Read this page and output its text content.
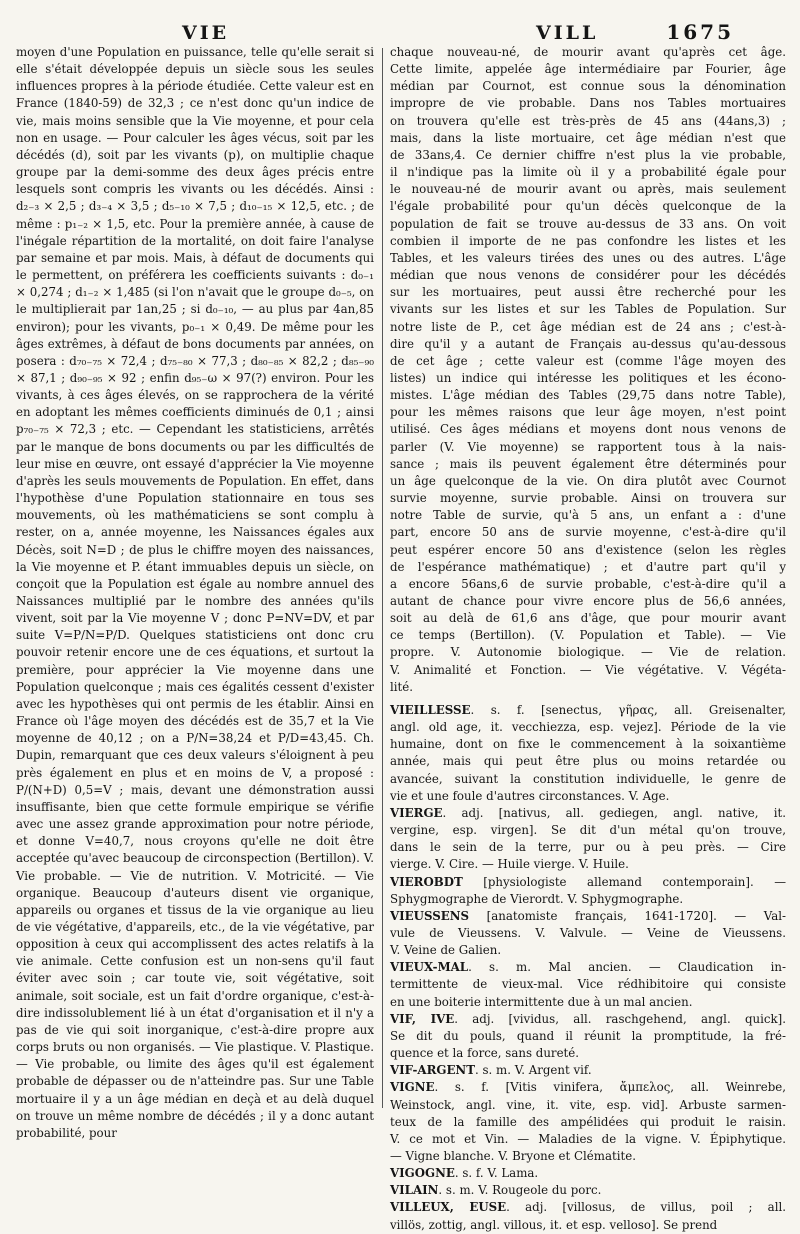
VIE	VILL	1675

moyen d'une Population en puissance, telle qu'elle serait si elle s'était développée depuis un siècle sous les seules influences propres à la période étudiée. Cette valeur est en France (1840-59) de 32,3 ; ce n'est donc qu'un indice de vie, mais moins sensible que la Vie moyenne, et pour cela non en usage. — Pour calculer les âges vécus, soit par les décédés (d), soit par les vivants (p), on multiplie chaque groupe par la demi-somme des deux âges précis entre lesquels sont compris les vivants ou les décédés. Ainsi : d₂₋₃ × 2,5 ; d₃₋₄ × 3,5 ; d₅₋₁₀ × 7,5 ; d₁₀₋₁₅ × 12,5, etc. ; de même : p₁₋₂ × 1,5, etc. Pour la première année, à cause de l'inégale répartition de la mortalité, on doit faire l'analyse par semaine et par mois. Mais, à défaut de documents qui le permettent, on préférera les coefficients suivants : d₀₋₁ × 0,274 ; d₁₋₂ × 1,485 (si l'on n'avait que le groupe d₀₋₅, on le multiplierait par 1an,25 ; si d₀₋₁₀, — au plus par 4an,85 environ); pour les vivants, p₀₋₁ × 0,49. De même pour les âges extrêmes, à défaut de bons documents par années, on posera : d₇₀₋₇₅ × 72,4 ; d₇₅₋₈₀ × 77,3 ; d₈₀₋₈₅ × 82,2 ; d₈₅₋₉₀ × 87,1 ; d₉₀₋₉₅ × 92 ; enfin d₉₅₋ω × 97(?) environ. Pour les vivants, à ces âges élevés, on se rapprochera de la vérité en adoptant les mêmes coefficients diminués de 0,1 ; ainsi p₇₀₋₇₅ × 72,3 ; etc. — Cependant les statisticiens, arrêtés par le manque de bons documents ou par les difficultés de leur mise en œuvre, ont essayé d'apprécier la Vie moyenne d'après les seuls mouvements de Population. En effet, dans l'hypothèse d'une Population stationnaire en tous ses mouvements, où les mathématiciens se sont complu à rester, on a, année moyenne, les Naissances égales aux Décès, soit N=D ; de plus le chiffre moyen des naissances, la Vie moyenne et P. étant immuables depuis un siècle, on conçoit que la Population est égale au nombre annuel des Naissances multiplié par le nombre des années qu'ils vivent, soit par la Vie moyenne V ; donc P=NV=DV, et par suite V=P/N=P/D. Quelques statisticiens ont donc cru pouvoir retenir encore une de ces équations, et surtout la première, pour apprécier la Vie moyenne dans une Population quelconque ; mais ces égalités cessent d'exister avec les hypothèses qui ont permis de les établir. Ainsi en France où l'âge moyen des décédés est de 35,7 et la Vie moyenne de 40,12 ; on a P/N=38,24 et P/D=43,45. Ch. Dupin, remarquant que ces deux valeurs s'éloignent à peu près également en plus et en moins de V, a proposé : P/(N+D) 0,5=V ; mais, devant une démonstration aussi insuffisante, bien que cette formule empirique se vérifie avec une assez grande approximation pour notre période, et donne V=40,7, nous croyons qu'elle ne doit être acceptée qu'avec beaucoup de circonspection (Bertillon). V. Vie probable. — Vie de nutrition. V. Motricité. — Vie organique. Beaucoup d'auteurs disent vie organique, appareils ou organes et tissus de la vie organique au lieu de vie végétative, d'appareils, etc., de la vie végétative, par opposition à ceux qui accomplissent des actes relatifs à la vie animale. Cette confusion est un non-sens qu'il faut éviter avec soin ; car toute vie, soit végétative, soit animale, soit sociale, est un fait d'ordre organique, c'est-à-dire indissolublement lié à un état d'organisation et il n'y a pas de vie qui soit inorganique, c'est-à-dire propre aux corps bruts ou non organisés. — Vie plastique. V. Plastique. — Vie probable, ou limite des âges qu'il est également probable de dépasser ou de n'atteindre pas. Sur une Table mortuaire il y a un âge médian en deçà et au delà duquel on trouve un même nombre de décédés ; il y a donc autant probabilité, pour

chaque nouveau-né, de mourir avant qu'après cet âge.
Cette limite, appelée âge intermédiaire par Fourier, âge
médian par Cournot, est connue sous la dénomination
impropre de vie probable. Dans nos Tables mortuaires
on trouvera qu'elle est très-près de 45 ans (44ans,3) ;
mais, dans la liste mortuaire, cet âge médian n'est que
de 33ans,4. Ce dernier chiffre n'est plus la vie probable,
il n'indique pas la limite où il y a probabilité égale pour
le nouveau-né de mourir avant ou après, mais seulement
l'égale probabilité pour qu'un décès quelconque de la
population de fait se trouve au-dessus de 33 ans. On voit
combien il importe de ne pas confondre les listes et les
Tables, et les valeurs tirées des unes ou des autres. L'âge
médian que nous venons de considérer pour les décédés
sur les mortuaires, peut aussi être recherché pour les
vivants sur les listes et sur les Tables de Population. Sur
notre liste de P., cet âge médian est de 24 ans ; c'est-à-
dire qu'il y a autant de Français au-dessus qu'au-dessous
de cet âge ; cette valeur est (comme l'âge moyen des
listes) un indice qui intéresse les politiques et les écono-
mistes. L'âge médian des Tables (29,75 dans notre Table),
pour les mêmes raisons que leur âge moyen, n'est point
utilisé. Ces âges médians et moyens dont nous venons de
parler (V. Vie moyenne) se rapportent tous à la nais-
sance ; mais ils peuvent également être déterminés pour
un âge quelconque de la vie. On dira plutôt avec Cournot
survie moyenne, survie probable. Ainsi on trouvera sur
notre Table de survie, qu'à 5 ans, un enfant a : d'une
part, encore 50 ans de survie moyenne, c'est-à-dire qu'il
peut espérer encore 50 ans d'existence (selon les règles
de l'espérance mathématique) ; et d'autre part qu'il y
a encore 56ans,6 de survie probable, c'est-à-dire qu'il a
autant de chance pour vivre encore plus de 56,6 années,
soit au delà de 61,6 ans d'âge, que pour mourir avant
ce temps (Bertillon). (V. Population et Table). — Vie
propre. V. Autonomie biologique. — Vie de relation.
V. Animalité et Fonction. — Vie végétative. V. Végéta-
lité.
VIEILLESSE. s. f. [senectus, γῆρας, all. Greisenalter,
angl. old age, it. vecchiezza, esp. vejez]. Période de la vie
humaine, dont on fixe le commencement à la soixantième
année, mais qui peut être plus ou moins retardée ou
avancée, suivant la constitution individuelle, le genre de
vie et une foule d'autres circonstances. V. Age.
VIERGE. adj. [nativus, all. gediegen, angl. native, it.
vergine, esp. virgen]. Se dit d'un métal qu'on trouve,
dans le sein de la terre, pur ou à peu près. — Cire
vierge. V. Cire. — Huile vierge. V. Huile.
VIEROBDT [physiologiste allemand contemporain]. —
Sphygmographe de Vierordt. V. Sphygmographe.
VIEUSSENS [anatomiste français, 1641-1720]. — Val-
vule de Vieussens. V. Valvule. — Veine de Vieussens.
V. Veine de Galien.
VIEUX-MAL. s. m. Mal ancien. — Claudication in-
termittente de vieux-mal. Vice rédhibitoire qui consiste
en une boiterie intermittente due à un mal ancien.
VIF, IVE. adj. [vividus, all. raschgehend, angl. quick].
Se dit du pouls, quand il réunit la promptitude, la fré-
quence et la force, sans dureté.
VIF-ARGENT. s. m. V. Argent vif.
VIGNE. s. f. [Vitis vinifera, ἄμπελος, all. Weinrebe,
Weinstock, angl. vine, it. vite, esp. vid]. Arbuste sarmen-
teux de la famille des ampélidées qui produit le raisin.
V. ce mot et Vin. — Maladies de la vigne. V. Épiphytique.
— Vigne blanche. V. Bryone et Clématite.
VIGOGNE. s. f. V. Lama.
VILAIN. s. m. V. Rougeole du porc.
VILLEUX, EUSE. adj. [villosus, de villus, poil ; all.
villös, zottig, angl. villous, it. et esp. velloso]. Se prend
